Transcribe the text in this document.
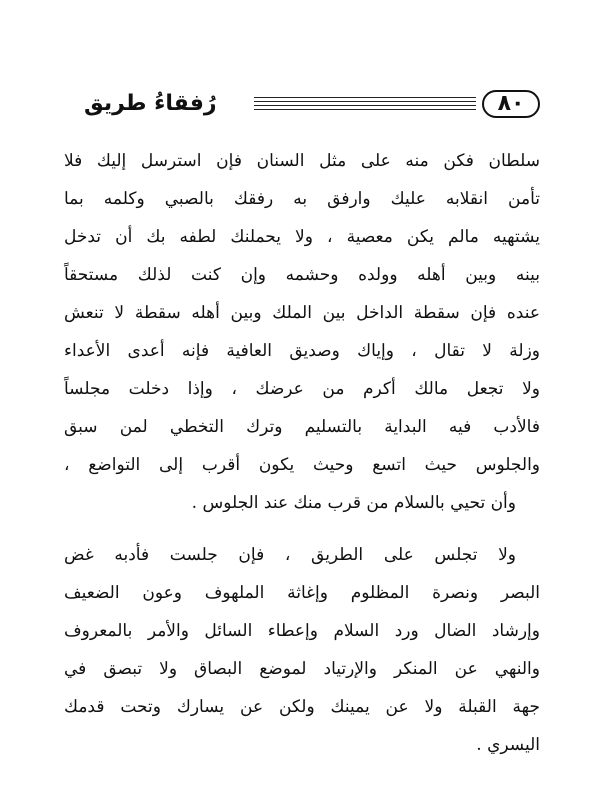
٨٠
رُفقاءُ طريق
سلطان فكن منه على مثل السنان فإن استرسل إليك فلا
تأمن انقلابه عليك وارفق به رفقك بالصبي وكلمه بما
يشتهيه مالم يكن معصية ، ولا يحملنك لطفه بك أن تدخل
بينه وبين أهله وولده وحشمه وإن كنت لذلك مستحقاً
عنده فإن سقطة الداخل بين الملك وبين أهله سقطة لا تنعش
وزلة لا تقال ، وإياك وصديق العافية فإنه أعدى الأعداء
ولا تجعل مالك أكرم من عرضك ، وإذا دخلت مجلساً
فالأدب فيه البداية بالتسليم وترك التخطي لمن سبق
والجلوس حيث اتسع وحيث يكون أقرب إلى التواضع ،
وأن تحيي بالسلام من قرب منك عند الجلوس .
ولا تجلس على الطريق ، فإن جلست فأدبه غض
البصر ونصرة المظلوم وإغاثة الملهوف وعون الضعيف
وإرشاد الضال ورد السلام وإعطاء السائل والأمر بالمعروف
والنهي عن المنكر والإرتياد لموضع البصاق ولا تبصق في
جهة القبلة ولا عن يمينك ولكن عن يسارك وتحت قدمك
اليسري .
